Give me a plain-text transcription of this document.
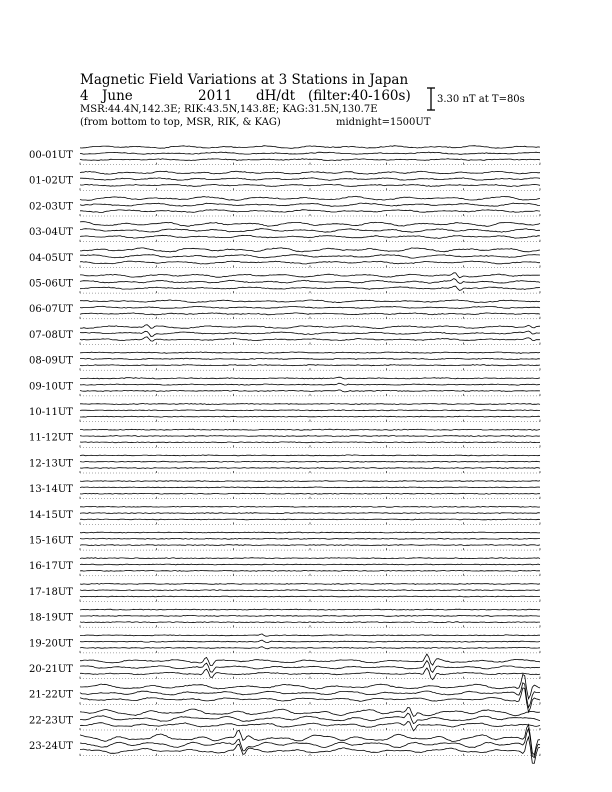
Magnetic Field Variations at 3 Stations in Japan
4 June	2011 dH/dt (filter:40-160s)
MSR:44.4N,142.3E; RIK:43.5N,143.8E; KAG:31.5N,130.7E
(from bottom to top, MSR, RIK, & KAG)	midnight=1500UT
3.30 nT at T=80s
00-01UT
01-02UT
02-03UT
03-04UT
04-05UT
05-06UT
06-07UT
07-08UT
08-09UT
09-10UT
10-11UT
11-12UT
12-13UT
13-14UT
14-15UT
15-16UT
16-17UT
17-18UT
18-19UT
19-20UT
20-21UT
21-22UT
22-23UT
23-24UT
